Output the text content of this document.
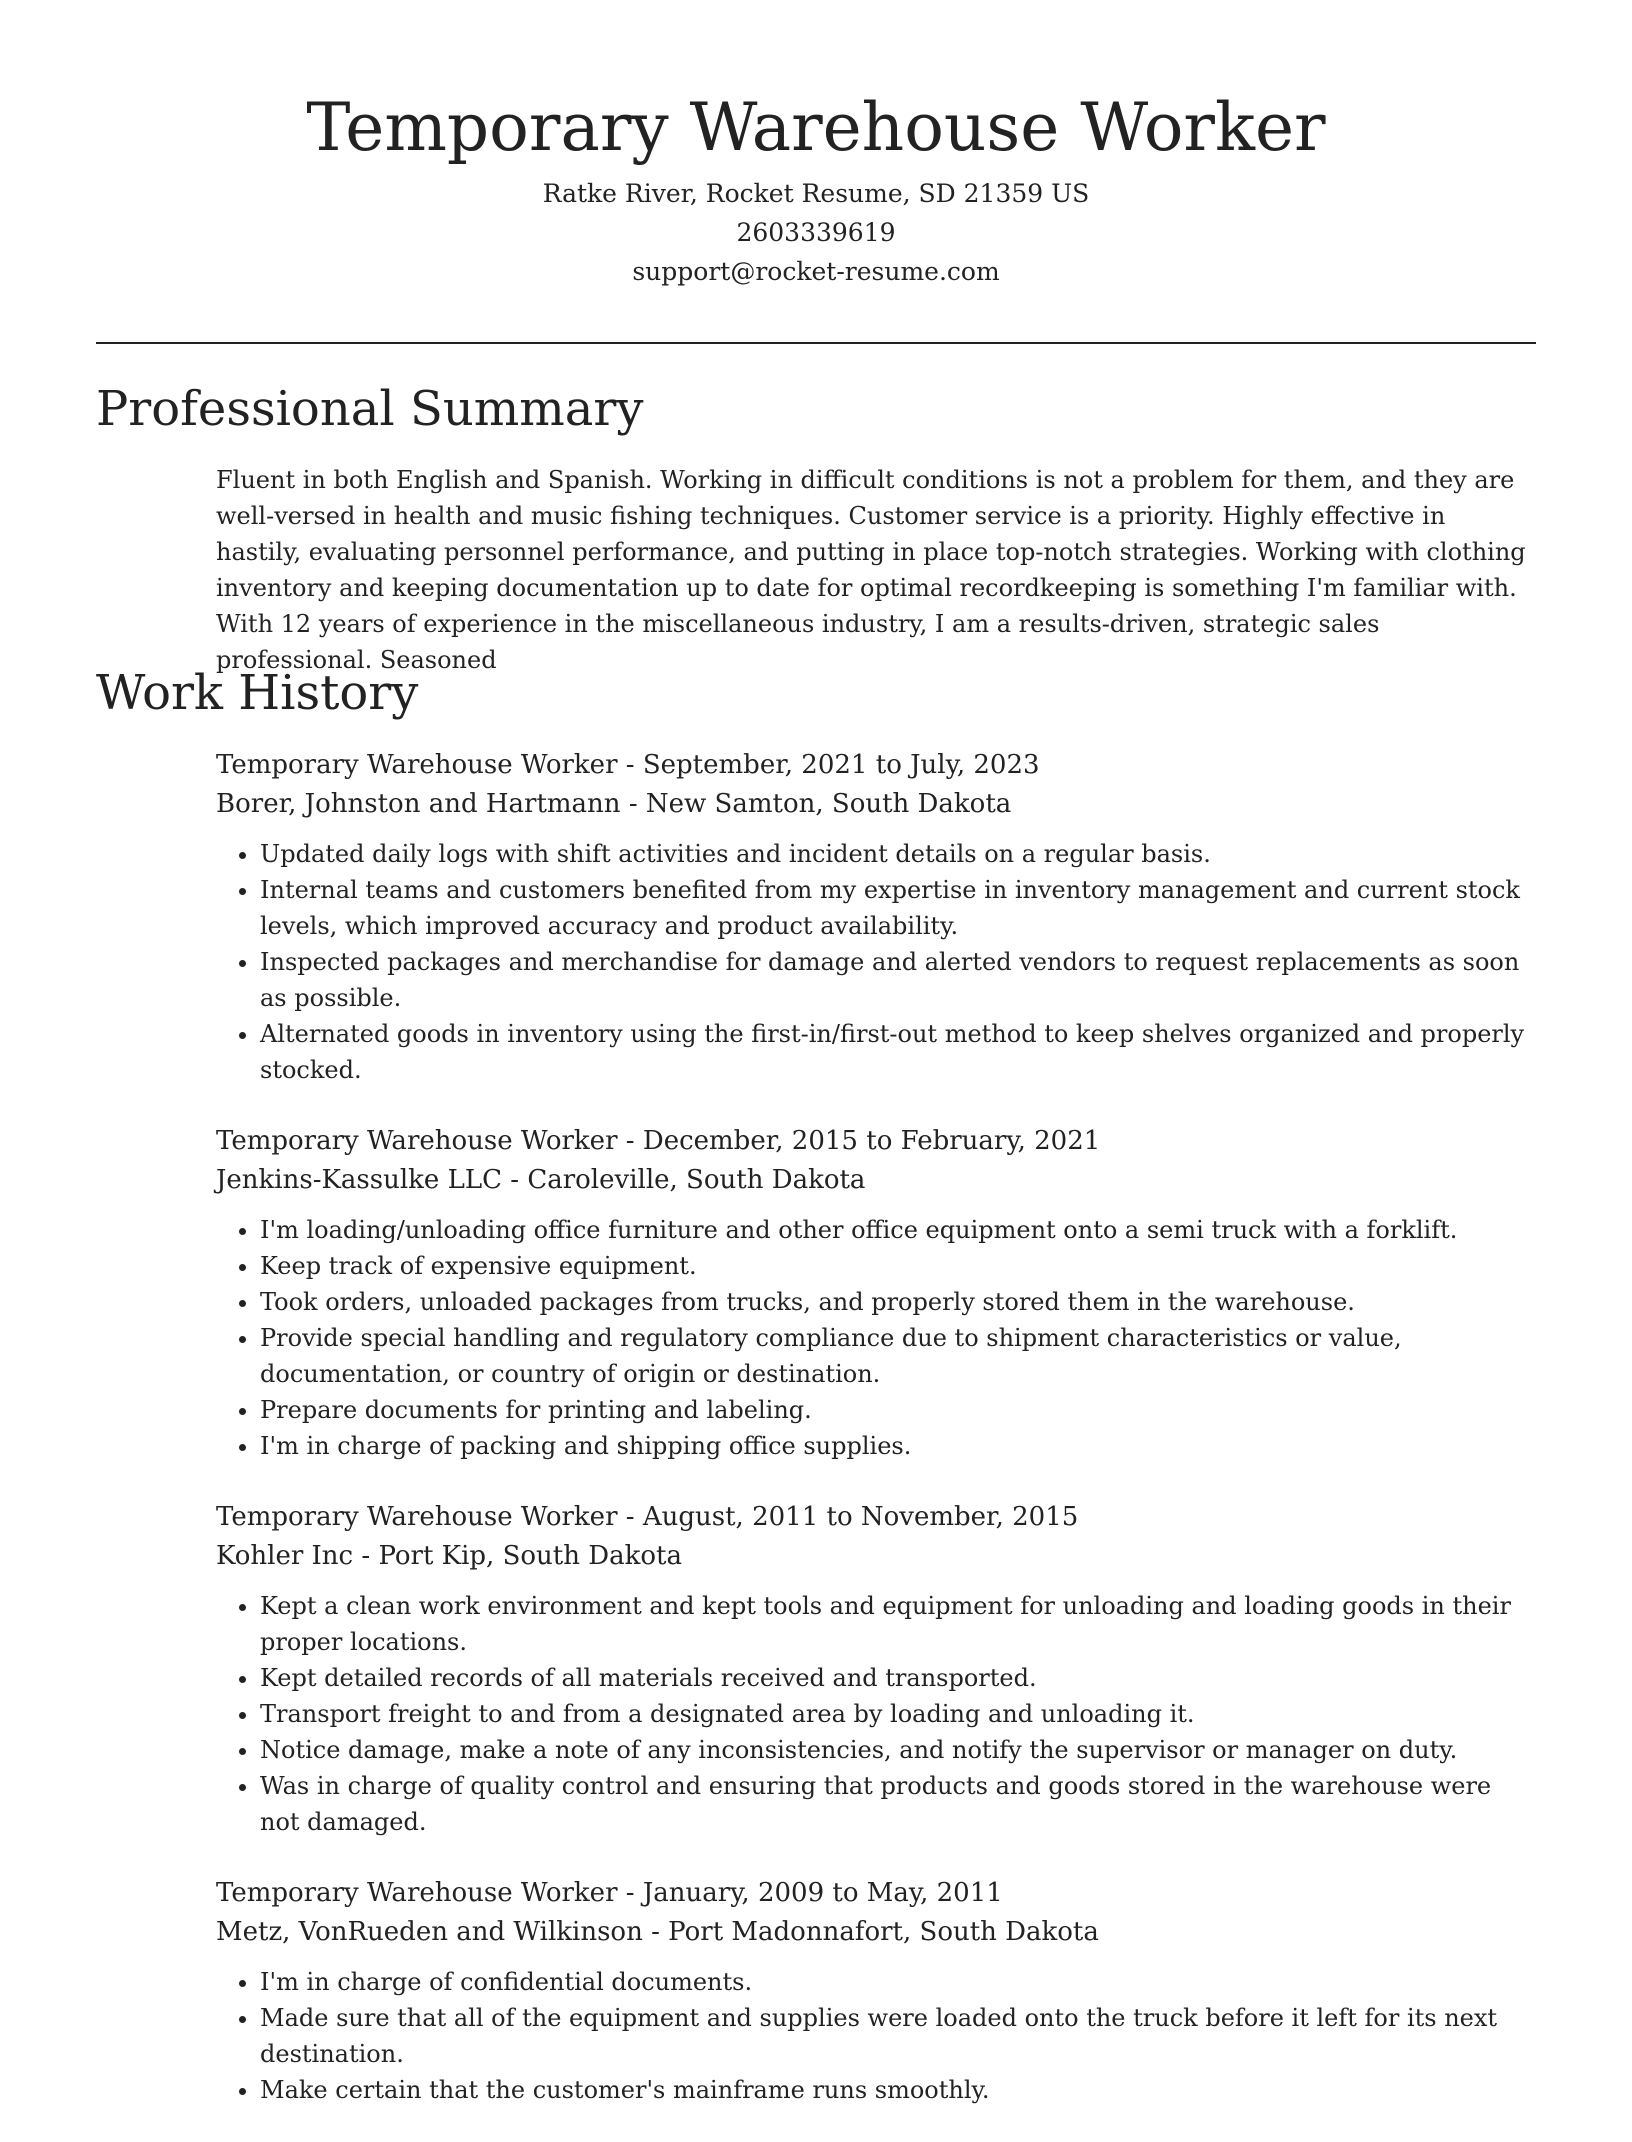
Temporary Warehouse Worker
Ratke River, Rocket Resume, SD 21359 US
2603339619
support@rocket-resume.com
Professional Summary

Fluent in both English and Spanish. Working in difficult conditions is not a problem for them, and they are well-versed in health and music fishing techniques. Customer service is a priority. Highly effective in hastily, evaluating personnel performance, and putting in place top-notch strategies. Working with clothing inventory and keeping documentation up to date for optimal recordkeeping is something I'm familiar with. With 12 years of experience in the miscellaneous industry, I am a results-driven, strategic sales professional. Seasoned

Work History
Temporary Warehouse Worker - September, 2021 to July, 2023
Borer, Johnston and Hartmann - New Samton, South Dakota
• Updated daily logs with shift activities and incident details on a regular basis.
• Internal teams and customers benefited from my expertise in inventory management and current stock levels, which improved accuracy and product availability.
• Inspected packages and merchandise for damage and alerted vendors to request replacements as soon as possible.
• Alternated goods in inventory using the first-in/first-out method to keep shelves organized and properly stocked.
Temporary Warehouse Worker - December, 2015 to February, 2021
Jenkins-Kassulke LLC - Caroleville, South Dakota
• I'm loading/unloading office furniture and other office equipment onto a semi truck with a forklift.
• Keep track of expensive equipment.
• Took orders, unloaded packages from trucks, and properly stored them in the warehouse.
• Provide special handling and regulatory compliance due to shipment characteristics or value, documentation, or country of origin or destination.
• Prepare documents for printing and labeling.
• I'm in charge of packing and shipping office supplies.
Temporary Warehouse Worker - August, 2011 to November, 2015
Kohler Inc - Port Kip, South Dakota
• Kept a clean work environment and kept tools and equipment for unloading and loading goods in their proper locations.
• Kept detailed records of all materials received and transported.
• Transport freight to and from a designated area by loading and unloading it.
• Notice damage, make a note of any inconsistencies, and notify the supervisor or manager on duty.
• Was in charge of quality control and ensuring that products and goods stored in the warehouse were not damaged.
Temporary Warehouse Worker - January, 2009 to May, 2011
Metz, VonRueden and Wilkinson - Port Madonnafort, South Dakota
• I'm in charge of confidential documents.
• Made sure that all of the equipment and supplies were loaded onto the truck before it left for its next destination.
• Make certain that the customer's mainframe runs smoothly.
